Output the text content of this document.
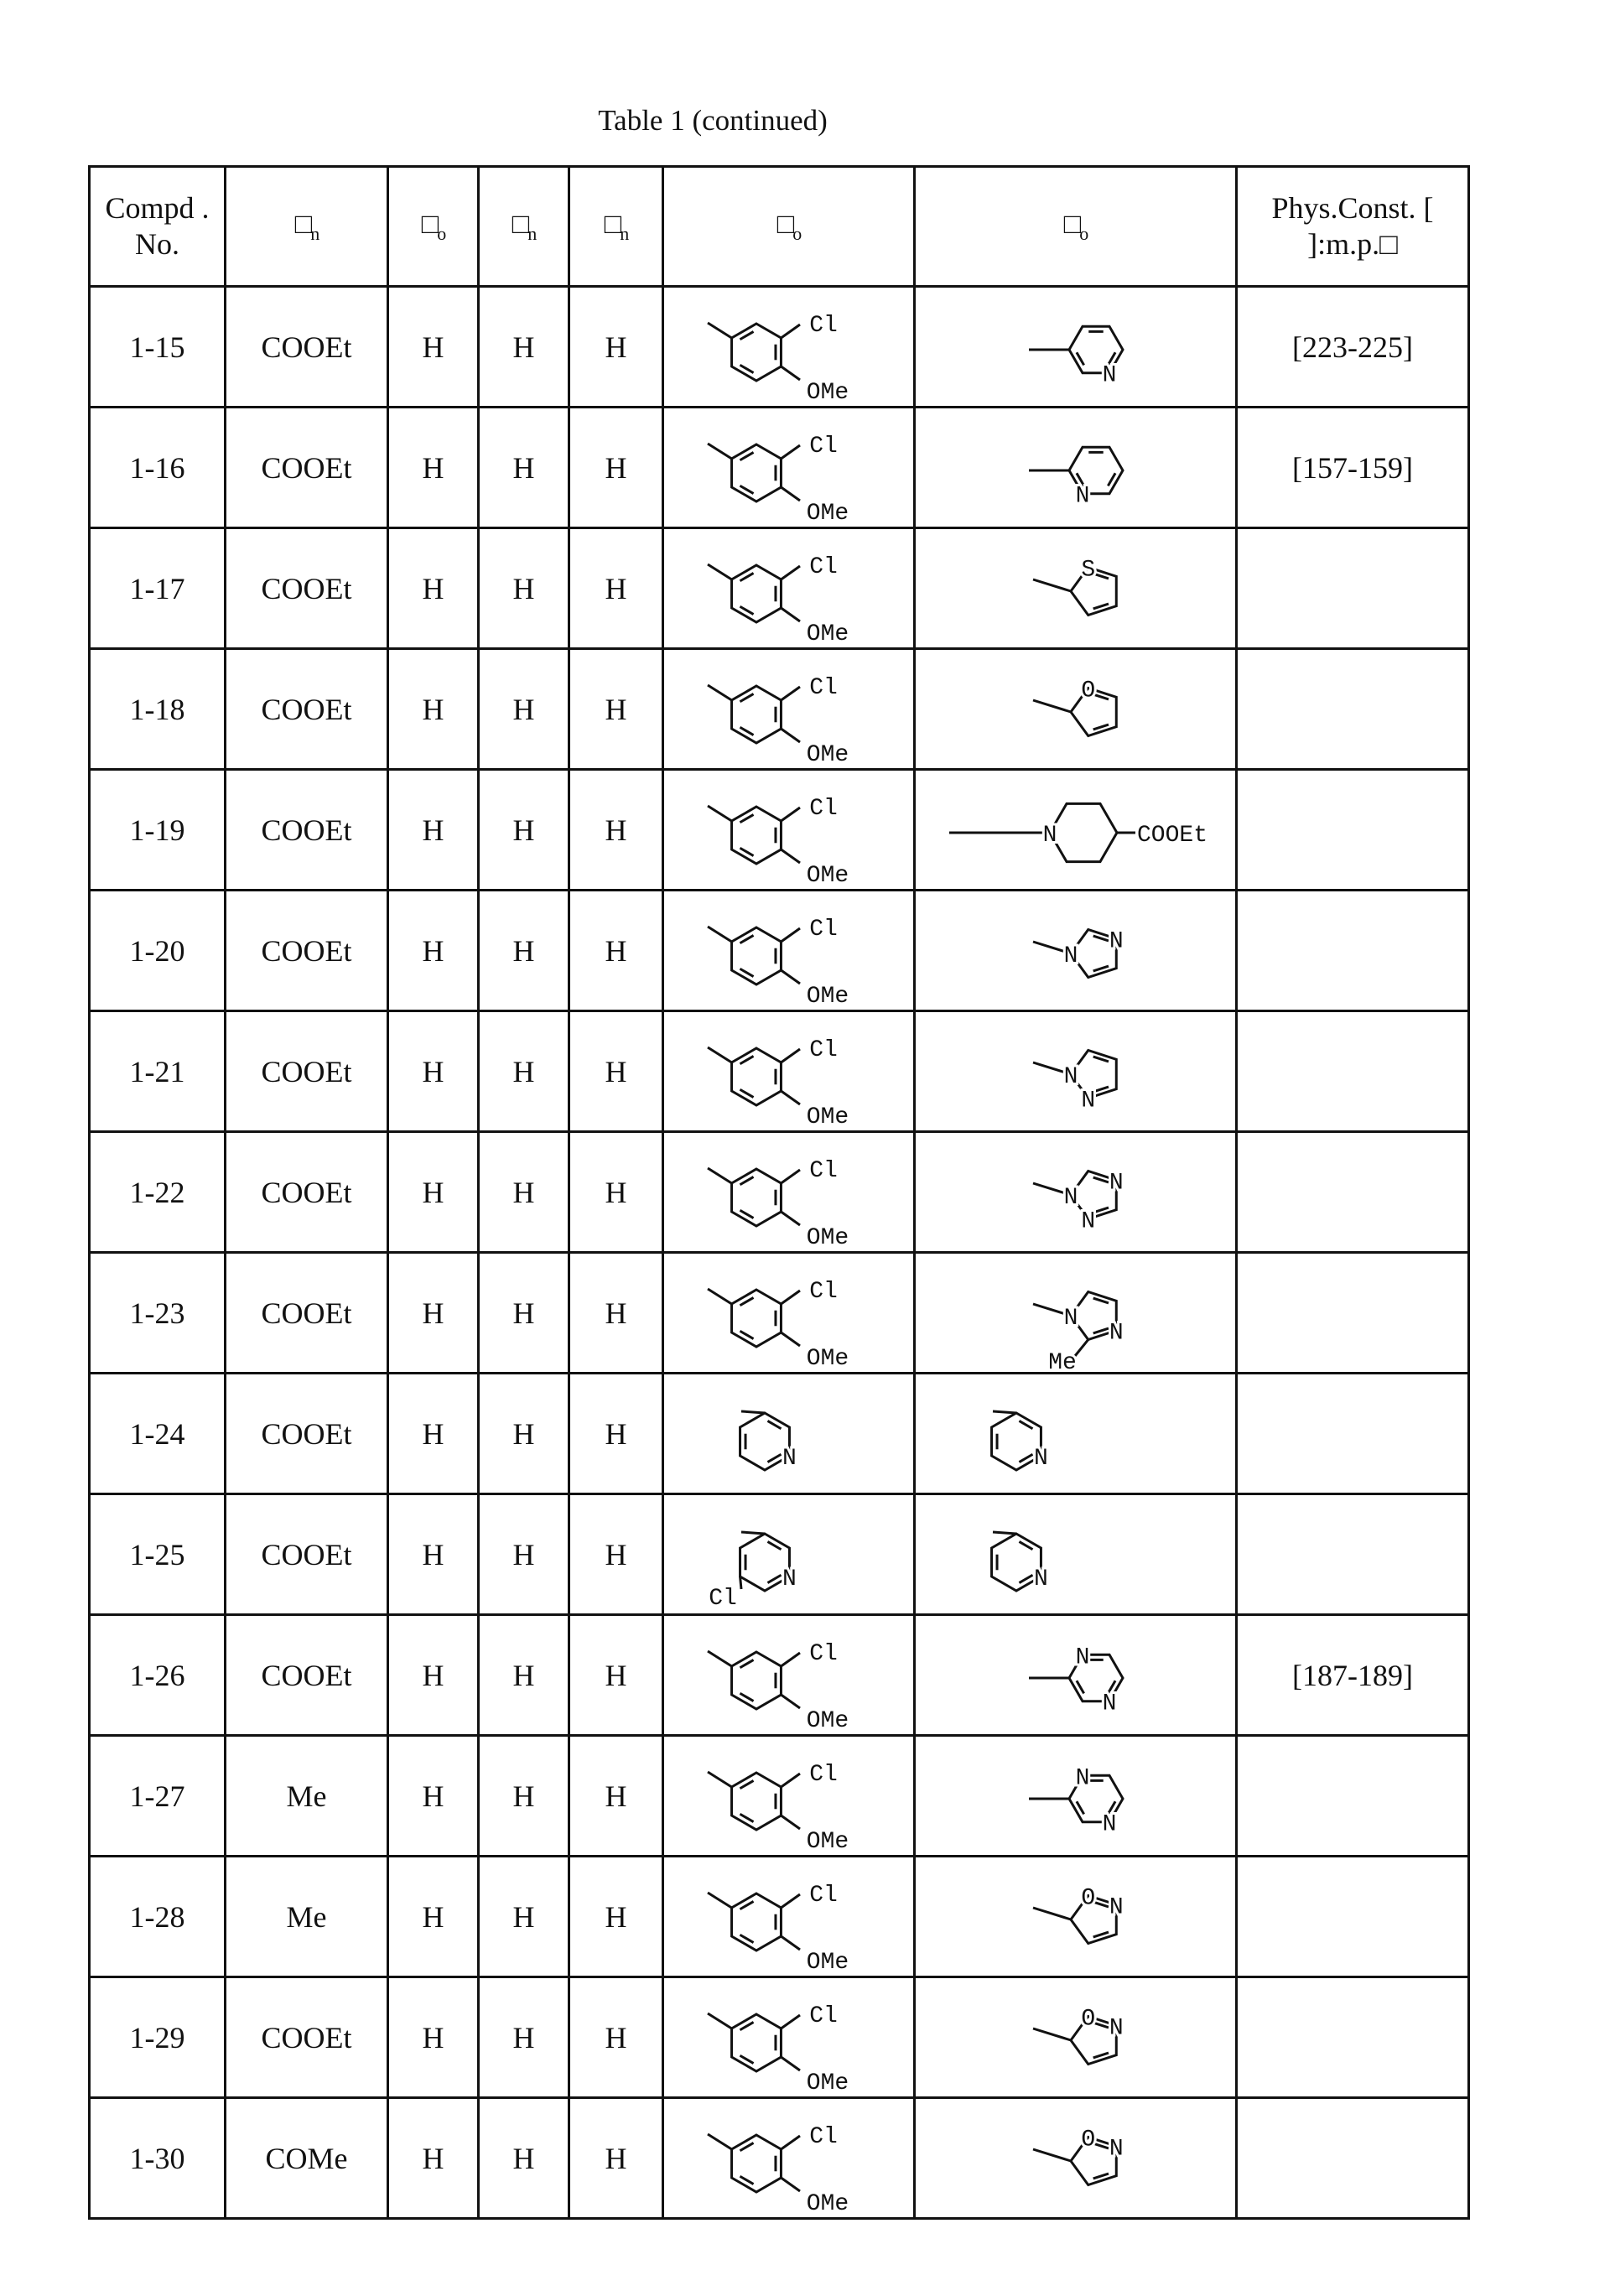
Table 1 (continued)
Compd . No.	□n	□o	□n	□n	□o	□o	Phys.Const. [ ]:m.p.□
1-15	COOEt	H	H	H	
Cl
OMe

N
	[223-225]
1-16	COOEt	H	H	H	
Cl
OMe

N
	[157-159]
1-17	COOEt	H	H	H	
Cl
OMe

S

1-18	COOEt	H	H	H	
Cl
OMe

O

1-19	COOEt	H	H	H	
Cl
OMe

N	COOEt

1-20	COOEt	H	H	H	
Cl
OMe

N
N

1-21	COOEt	H	H	H	
Cl
OMe

N
N

1-22	COOEt	H	H	H	
Cl
OMe

N
N
N

1-23	COOEt	H	H	H	
Cl
OMe

N
N
Me

1-24	COOEt	H	H	H	
N	N

1-25	COOEt	H	H	H	
N
Cl

N

1-26	COOEt	H	H	H	
Cl
OMe

N
N
	[187-189]
1-27	Me	H	H	H	
Cl
OMe

N
N

1-28	Me	H	H	H	
Cl
OMe

O N

1-29	COOEt	H	H	H	
Cl
OMe

O N

1-30	COMe	H	H	H	
Cl
OMe

O N
